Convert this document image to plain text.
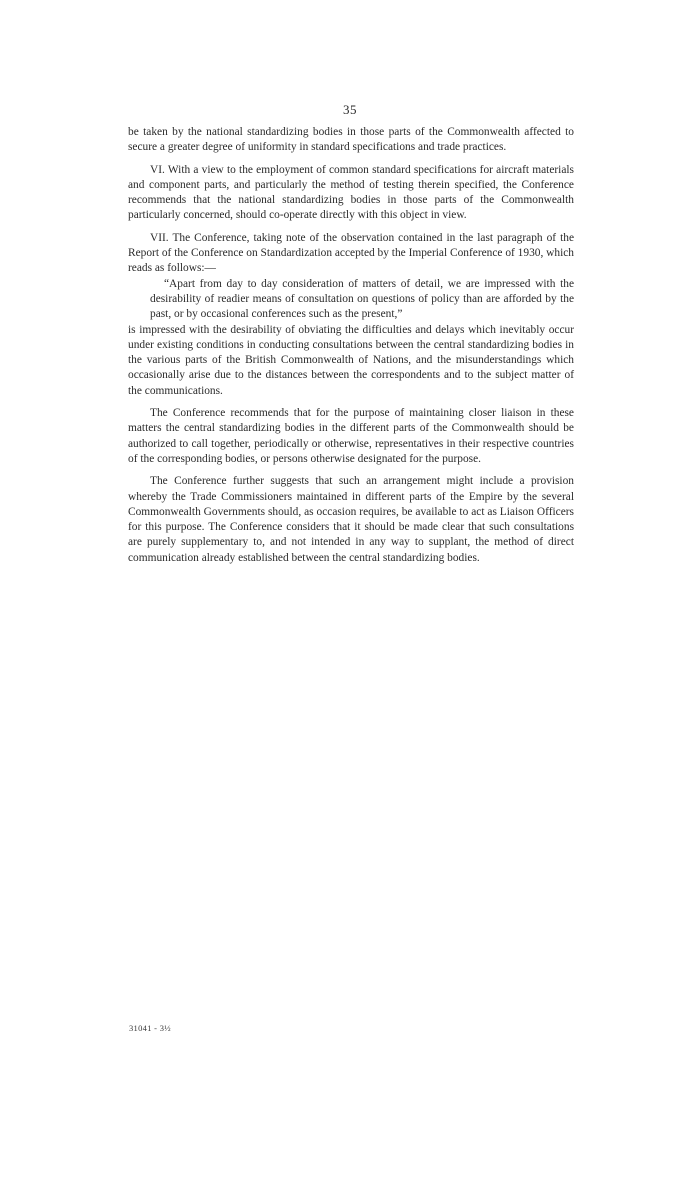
35

be taken by the national standardizing bodies in those parts of the Commonwealth affected to secure a greater degree of uniformity in standard specifications and trade practices.

VI. With a view to the employment of common standard specifications for aircraft materials and component parts, and particularly the method of testing therein specified, the Conference recommends that the national standardizing bodies in those parts of the Commonwealth particularly concerned, should co-operate directly with this object in view.

VII. The Conference, taking note of the observation contained in the last paragraph of the Report of the Conference on Standardization accepted by the Imperial Conference of 1930, which reads as follows:—

“Apart from day to day consideration of matters of detail, we are impressed with the desirability of readier means of consultation on questions of policy than are afforded by the past, or by occasional conferences such as the present,”

is impressed with the desirability of obviating the difficulties and delays which inevitably occur under existing conditions in conducting consultations between the central standardizing bodies in the various parts of the British Commonwealth of Nations, and the misunderstandings which occasionally arise due to the distances between the correspondents and to the subject matter of the communications.

The Conference recommends that for the purpose of maintaining closer liaison in these matters the central standardizing bodies in the different parts of the Commonwealth should be authorized to call together, periodically or otherwise, representatives in their respective countries of the corresponding bodies, or persons otherwise designated for the purpose.

The Conference further suggests that such an arrangement might include a provision whereby the Trade Commissioners maintained in different parts of the Empire by the several Commonwealth Governments should, as occasion requires, be available to act as Liaison Officers for this purpose. The Conference considers that it should be made clear that such consultations are purely supplementary to, and not intended in any way to supplant, the method of direct communication already established between the central standardizing bodies.

31041 - 3½
